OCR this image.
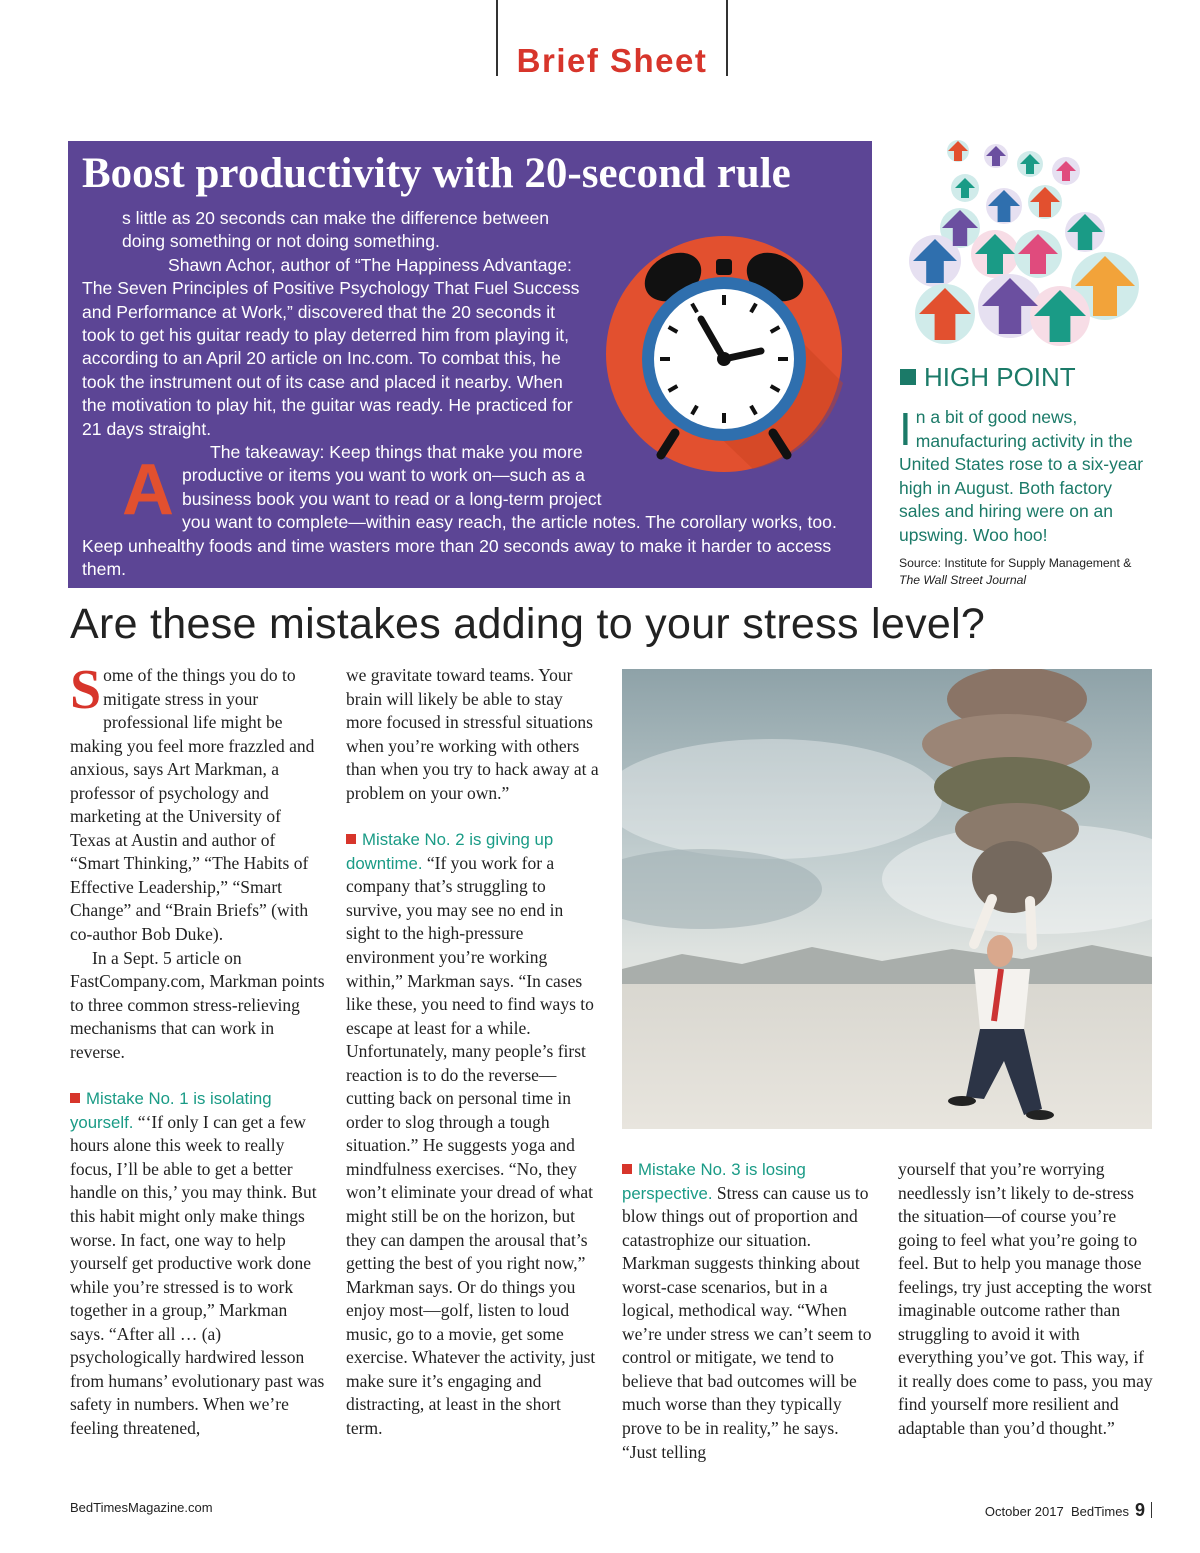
Brief Sheet
Boost productivity with 20-second rule

A
s little as 20 seconds can make the difference between doing something or not doing something.

Shawn Achor, author of “The Happiness Advantage: The Seven Principles of Positive Psychology That Fuel Success and Performance at Work,” discovered that the 20 seconds it took to get his guitar ready to play deterred him from playing it, according to an April 20 article on Inc.com. To combat this, he took the instrument out of its case and placed it nearby. When the motivation to play hit, the guitar was ready. He practiced for 21 days straight.

The takeaway: Keep things that make you more productive or items you want to work on—such as a business book you want to read or a long-term project you want to complete—within easy reach, the article notes. The corollary works, too. Keep unhealthy foods and time wasters more than 20 seconds away to make it harder to access them.

HIGH POINT
In a bit of good news, manufacturing activity in the United States rose to a six-year high in August. Both factory sales and hiring were on an upswing. Woo hoo!
Source: Institute for Supply Management &
The Wall Street Journal
Are these mistakes adding to your stress level?

Some of the things you do to mitigate stress in your professional life might be making you feel more frazzled and anxious, says Art Markman, a professor of psychology and marketing at the University of Texas at Austin and author of “Smart Thinking,” “The Habits of Effective Leadership,” “Smart Change” and “Brain Briefs” (with co-author Bob Duke).

In a Sept. 5 article on FastCompany.com, Markman points to three common stress-relieving mechanisms that can work in reverse.

Mistake No. 1 is isolating yourself. “‘If only I can get a few hours alone this week to really focus, I’ll be able to get a better handle on this,’ you may think. But this habit might only make things worse. In fact, one way to help yourself get productive work done while you’re stressed is to work together in a group,” Markman says. “After all … (a) psychologically hardwired lesson from humans’ evolutionary past was safety in numbers. When we’re feeling threatened,

we gravitate toward teams. Your brain will likely be able to stay more focused in stressful situations when you’re working with others than when you try to hack away at a problem on your own.”

Mistake No. 2 is giving up downtime. “If you work for a company that’s struggling to survive, you may see no end in sight to the high-pressure environment you’re working within,” Markman says. “In cases like these, you need to find ways to escape at least for a while. Unfortunately, many people’s first reaction is to do the reverse—cutting back on personal time in order to slog through a tough situation.” He suggests yoga and mindfulness exercises. “No, they won’t eliminate your dread of what might still be on the horizon, but they can dampen the arousal that’s getting the best of you right now,” Markman says. Or do things you enjoy most—golf, listen to loud music, go to a movie, get some exercise. Whatever the activity, just make sure it’s engaging and distracting, at least in the short term.

Mistake No. 3 is losing perspective. Stress can cause us to blow things out of proportion and catastrophize our situation. Markman suggests thinking about worst-case scenarios, but in a logical, methodical way. “When we’re under stress we can’t seem to control or mitigate, we tend to believe that bad outcomes will be much worse than they typically prove to be in reality,” he says. “Just telling

yourself that you’re worrying needlessly isn’t likely to de-stress the situation—of course you’re going to feel what you’re going to feel. But to help you manage those feelings, try just accepting the worst imaginable outcome rather than struggling to avoid it with everything you’ve got. This way, if it really does come to pass, you may find yourself more resilient and adaptable than you’d thought.”

BedTimesMagazine.com	October 2017 BedTimes 9
